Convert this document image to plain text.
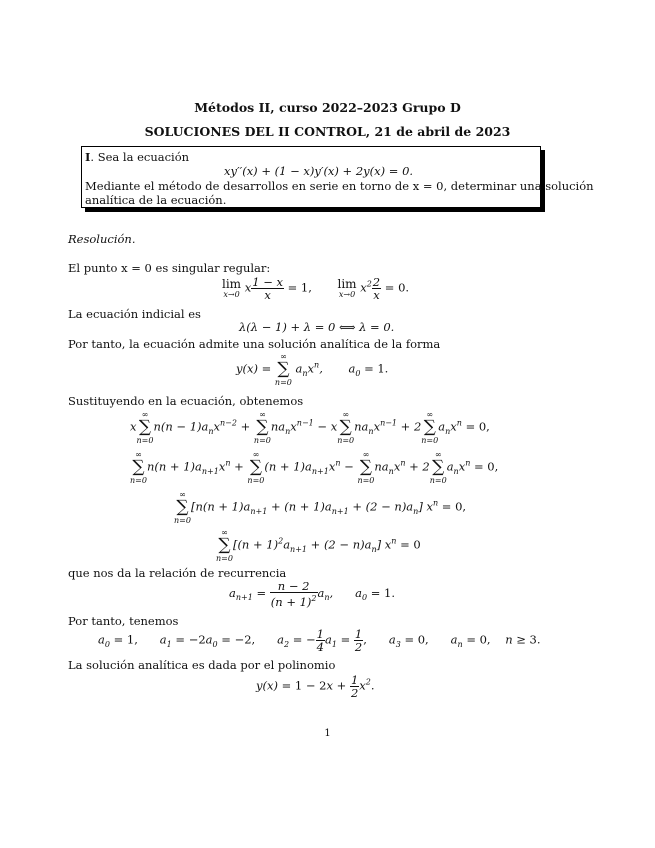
Métodos II, curso 2022–2023 Grupo D
SOLUCIONES DEL II CONTROL, 21 de abril de 2023
I. Sea la ecuación
xy′′(x) + (1 − x)y′(x) + 2y(x) = 0.
Mediante el método de desarrollos en serie en torno de x = 0, determinar una solución
analítica de la ecuación.
Resolución.
El punto x = 0 es singular regular:
lim
x→0 x $\frac{1 - x}{x} = 1$, lim
x→0 $x^2 \frac{2}{x} = 0$.
La ecuación indicial es
λ(λ − 1) + λ = 0 ⟺ λ = 0.
Por tanto, la ecuación admite una solución analítica de la forma
y(x) =
∞
∑
n=0
$a_nx^n$,       $a_0 = 1$.
Sustituyendo en la ecuación, obtenemos
x
∞
∑
n=0
$n(n - 1)a_nx^{n-2}$ +
∞
∑
n=0
$na_nx^{n-1} - x$
∞
∑
n=0
$na_nx^{n-1} + 2$
∞
∑
n=0
$a_nx^n = 0$,
∞
∑
n=0
$n(n + 1)a_{n+1}x^n$ +
∞
∑
n=0
$(n + 1)a_{n+1}x^n$ −
∞
∑
n=0
$na_nx^n + 2$
∞
∑
n=0
$a_nx^n = 0$,
∞
∑
n=0
$[n(n + 1)a_{n+1} + (n + 1)a_{n+1} + (2 - n)a_n]$ $x^n = 0$,
∞
∑
n=0
$[(n + 1)^2a_{n+1} + (2 - n)a_n]$ $x^n = 0$
que nos da la relación de recurrencia
$a_{n+1} = \frac{n - 2}{(n + 1)^2} a_n$,      $a_0 = 1$.
Por tanto, tenemos
$a_0 = 1$,      $a_1 = -2a_0 = -2$,      $a_2$ = − $\frac{1}{4} a_1 = \frac{1}{2}$ ,      $a_3 = 0$,      $a_n = 0$,    n ≥ 3.
La solución analítica es dada por el polinomio
$y(x) = 1 - 2x + \frac{1}{2} x^2$.
1
